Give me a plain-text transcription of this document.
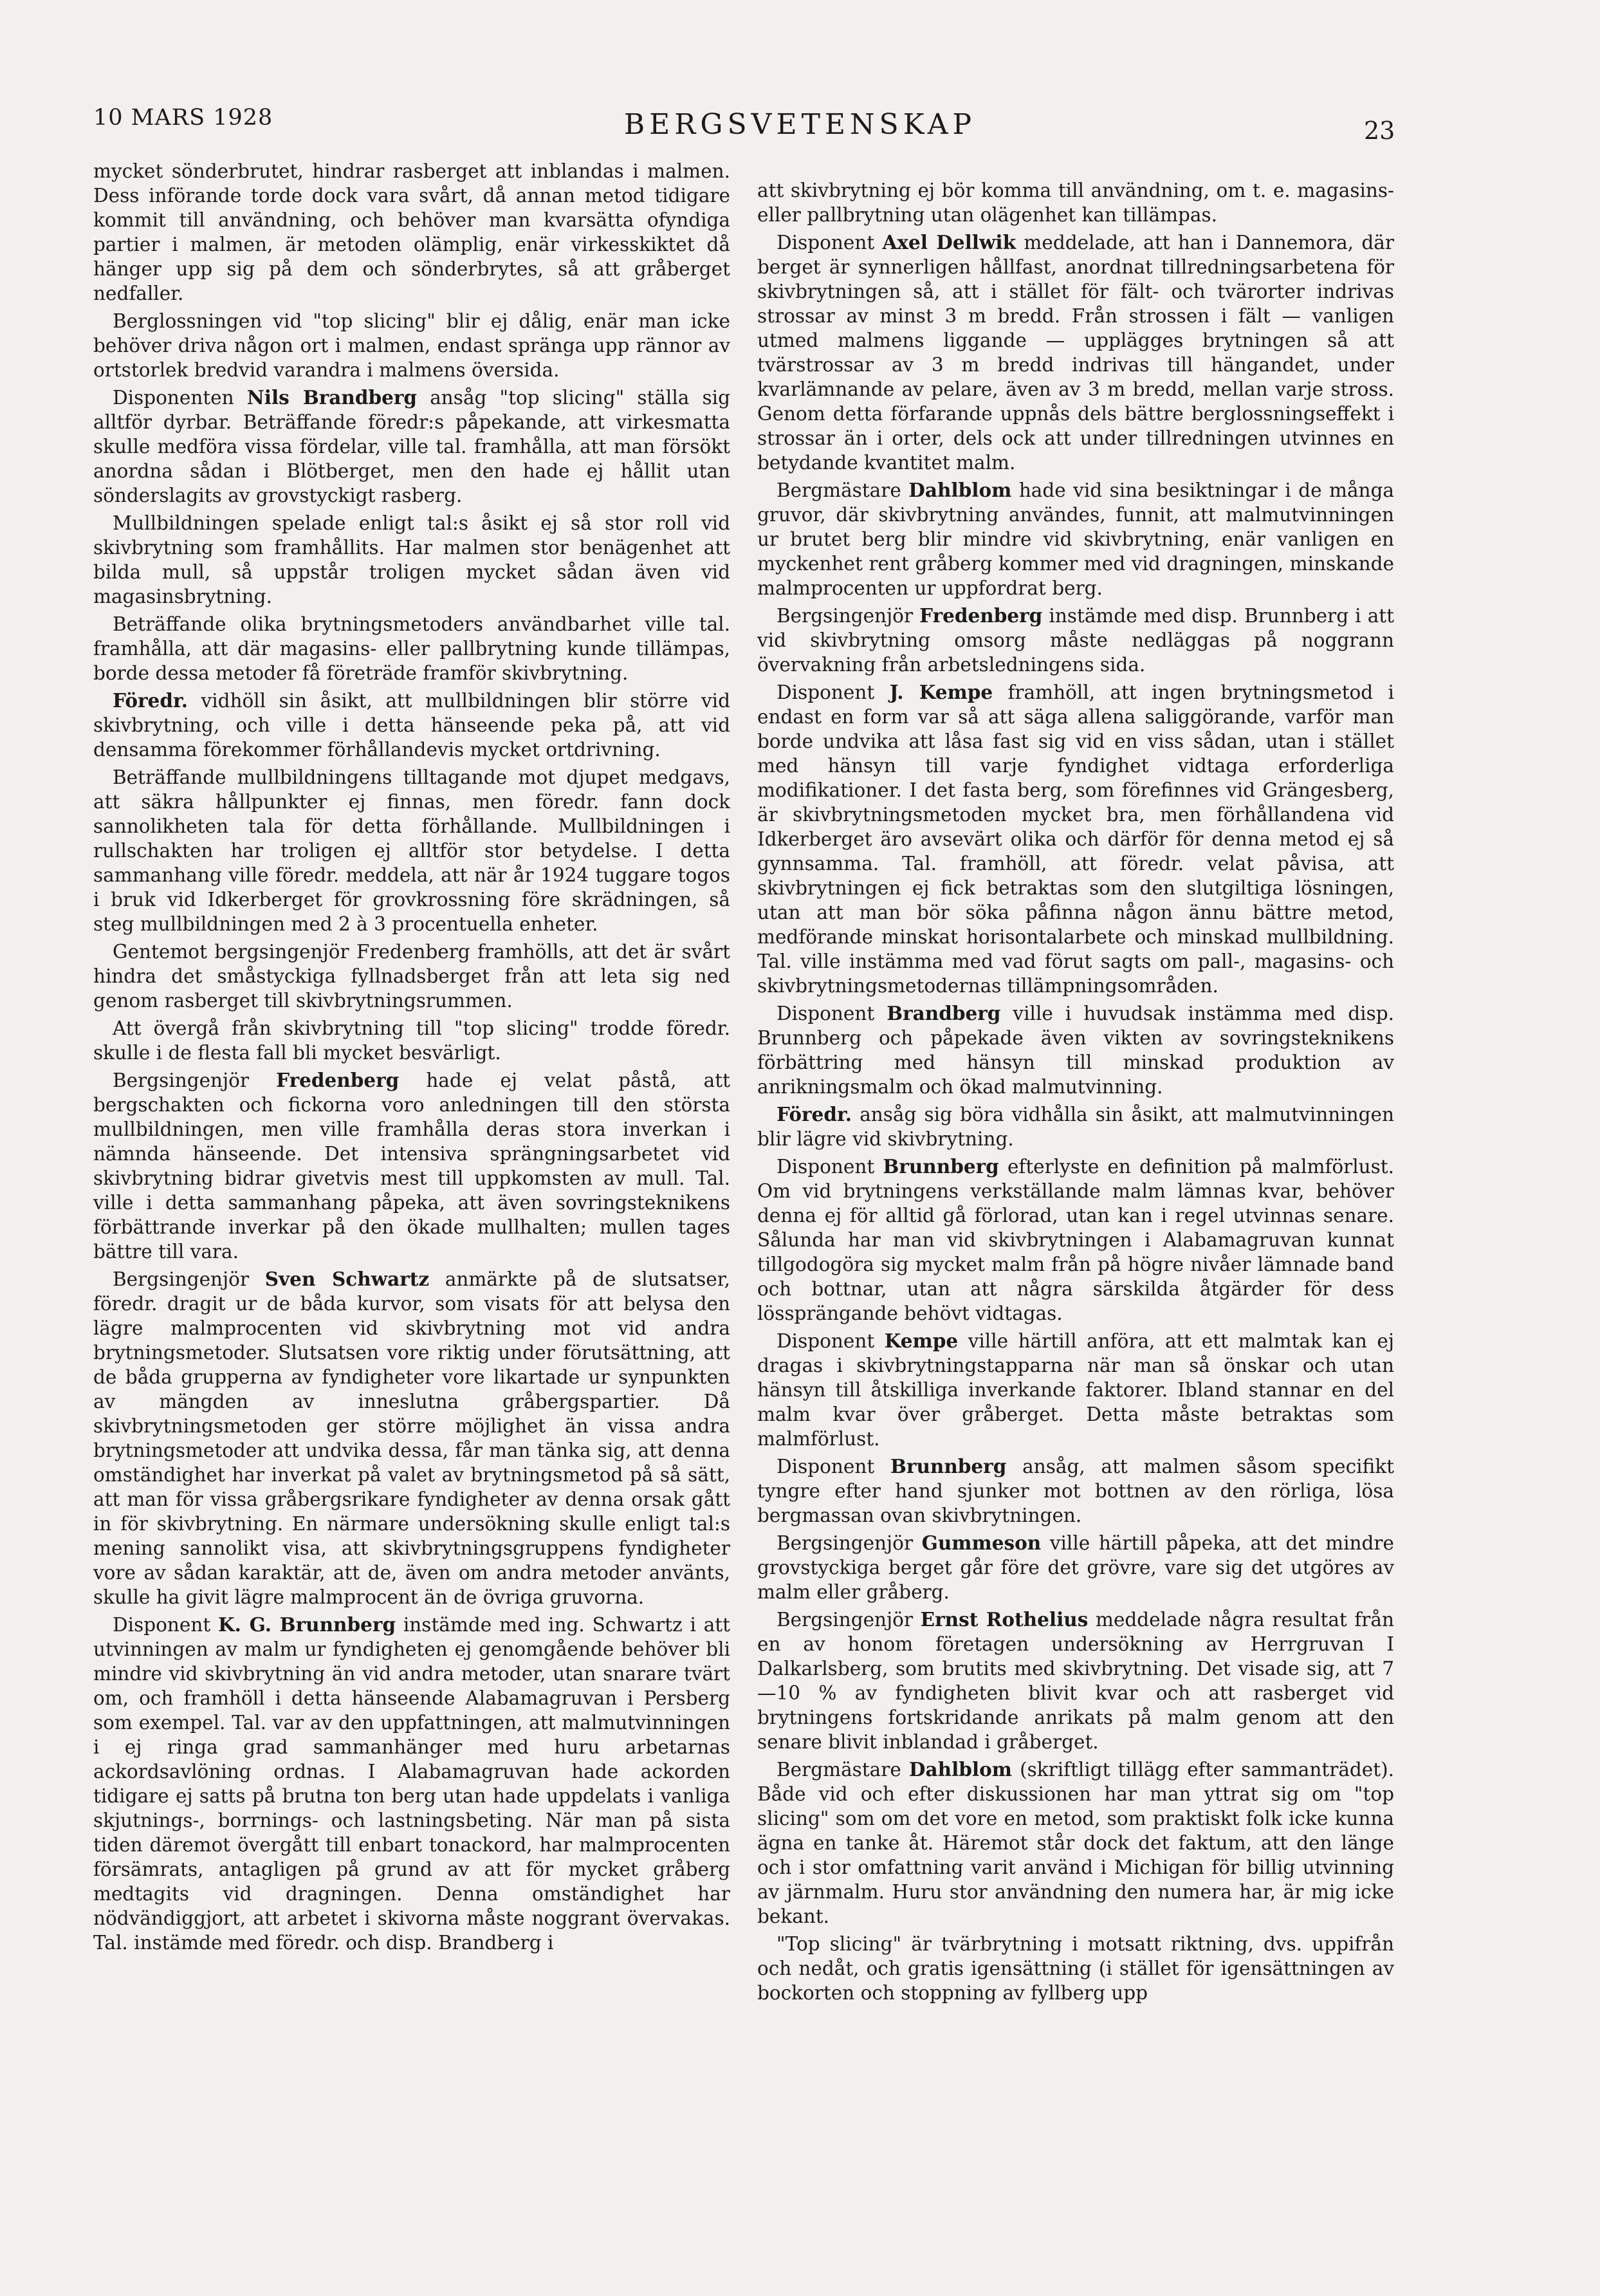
10 MARS 1928	BERGSVETENSKAP	23

mycket sönderbrutet, hindrar rasberget att inblandas i malmen. Dess införande torde dock vara svårt, då annan metod tidigare kommit till användning, och behöver man kvarsätta ofyndiga partier i malmen, är metoden olämplig, enär virkesskiktet då hänger upp sig på dem och sönderbrytes, så att gråberget nedfaller.

Berglossningen vid "top slicing" blir ej dålig, enär man icke behöver driva någon ort i malmen, endast spränga upp rännor av ortstorlek bredvid varandra i malmens översida.

Disponenten Nils Brandberg ansåg "top slicing" ställa sig alltför dyrbar. Beträffande föredr:s påpekande, att virkesmatta skulle medföra vissa fördelar, ville tal. framhålla, att man försökt anordna sådan i Blötberget, men den hade ej hållit utan sönderslagits av grovstyckigt rasberg.

Mullbildningen spelade enligt tal:s åsikt ej så stor roll vid skivbrytning som framhållits. Har malmen stor benägenhet att bilda mull, så uppstår troligen mycket sådan även vid magasinsbrytning.

Beträffande olika brytningsmetoders användbarhet ville tal. framhålla, att där magasins- eller pallbrytning kunde tillämpas, borde dessa metoder få företräde framför skivbrytning.

Föredr. vidhöll sin åsikt, att mullbildningen blir större vid skivbrytning, och ville i detta hänseende peka på, att vid densamma förekommer förhållandevis mycket ortdrivning.

Beträffande mullbildningens tilltagande mot djupet medgavs, att säkra hållpunkter ej finnas, men föredr. fann dock sannolikheten tala för detta förhållande. Mullbildningen i rullschakten har troligen ej alltför stor betydelse. I detta sammanhang ville föredr. meddela, att när år 1924 tuggare togos i bruk vid Idkerberget för grovkrossning före skrädningen, så steg mullbildningen med 2 à 3 procentuella enheter.

Gentemot bergsingenjör Fredenberg framhölls, att det är svårt hindra det småstyckiga fyllnadsberget från att leta sig ned genom rasberget till skivbrytningsrummen.

Att övergå från skivbrytning till "top slicing" trodde föredr. skulle i de flesta fall bli mycket besvärligt.

Bergsingenjör Fredenberg hade ej velat påstå, att bergschakten och fickorna voro anledningen till den största mullbildningen, men ville framhålla deras stora inverkan i nämnda hänseende. Det intensiva sprängningsarbetet vid skivbrytning bidrar givetvis mest till uppkomsten av mull. Tal. ville i detta sammanhang påpeka, att även sovringsteknikens förbättrande inverkar på den ökade mullhalten; mullen tages bättre till vara.

Bergsingenjör Sven Schwartz anmärkte på de slutsatser, föredr. dragit ur de båda kurvor, som visats för att belysa den lägre malmprocenten vid skivbrytning mot vid andra brytningsmetoder. Slutsatsen vore riktig under förutsättning, att de båda grupperna av fyndigheter vore likartade ur synpunkten av mängden av inneslutna gråbergspartier. Då skivbrytningsmetoden ger större möjlighet än vissa andra brytningsmetoder att undvika dessa, får man tänka sig, att denna omständighet har inverkat på valet av brytningsmetod på så sätt, att man för vissa gråbergsrikare fyndigheter av denna orsak gått in för skivbrytning. En närmare undersökning skulle enligt tal:s mening sannolikt visa, att skivbrytningsgruppens fyndigheter vore av sådan karaktär, att de, även om andra metoder använts, skulle ha givit lägre malmprocent än de övriga gruvorna.

Disponent K. G. Brunnberg instämde med ing. Schwartz i att utvinningen av malm ur fyndigheten ej genomgående behöver bli mindre vid skivbrytning än vid andra metoder, utan snarare tvärt om, och framhöll i detta hänseende Alabamagruvan i Persberg som exempel. Tal. var av den uppfattningen, att malmutvinningen i ej ringa grad sammanhänger med huru arbetarnas ackordsavlöning ordnas. I Alabamagruvan hade ackorden tidigare ej satts på brutna ton berg utan hade uppdelats i vanliga skjutnings-, borrnings- och lastningsbeting. När man på sista tiden däremot övergått till enbart tonackord, har malmprocenten försämrats, antagligen på grund av att för mycket gråberg medtagits vid dragningen. Denna omständighet har nödvändiggjort, att arbetet i skivorna måste noggrant övervakas. Tal. instämde med föredr. och disp. Brandberg i

att skivbrytning ej bör komma till användning, om t. e. magasins- eller pallbrytning utan olägenhet kan tillämpas.

Disponent Axel Dellwik meddelade, att han i Dannemora, där berget är synnerligen hållfast, anordnat tillredningsarbetena för skivbrytningen så, att i stället för fält- och tvärorter indrivas strossar av minst 3 m bredd. Från strossen i fält — vanligen utmed malmens liggande — upplägges brytningen så att tvärstrossar av 3 m bredd indrivas till hängandet, under kvarlämnande av pelare, även av 3 m bredd, mellan varje stross. Genom detta förfarande uppnås dels bättre berglossningseffekt i strossar än i orter, dels ock att under tillredningen utvinnes en betydande kvantitet malm.

Bergmästare Dahlblom hade vid sina besiktningar i de många gruvor, där skivbrytning användes, funnit, att malmutvinningen ur brutet berg blir mindre vid skivbrytning, enär vanligen en myckenhet rent gråberg kommer med vid dragningen, minskande malmprocenten ur uppfordrat berg.

Bergsingenjör Fredenberg instämde med disp. Brunnberg i att vid skivbrytning omsorg måste nedläggas på noggrann övervakning från arbetsledningens sida.

Disponent J. Kempe framhöll, att ingen brytningsmetod i endast en form var så att säga allena saliggörande, varför man borde undvika att låsa fast sig vid en viss sådan, utan i stället med hänsyn till varje fyndighet vidtaga erforderliga modifikationer. I det fasta berg, som förefinnes vid Grängesberg, är skivbrytningsmetoden mycket bra, men förhållandena vid Idkerberget äro avsevärt olika och därför för denna metod ej så gynnsamma. Tal. framhöll, att föredr. velat påvisa, att skivbrytningen ej fick betraktas som den slutgiltiga lösningen, utan att man bör söka påfinna någon ännu bättre metod, medförande minskat horisontalarbete och minskad mullbildning. Tal. ville instämma med vad förut sagts om pall-, magasins- och skivbrytningsmetodernas tillämpningsområden.

Disponent Brandberg ville i huvudsak instämma med disp. Brunnberg och påpekade även vikten av sovringsteknikens förbättring med hänsyn till minskad produktion av anrikningsmalm och ökad malmutvinning.

Föredr. ansåg sig böra vidhålla sin åsikt, att malmutvinningen blir lägre vid skivbrytning.

Disponent Brunnberg efterlyste en definition på malmförlust. Om vid brytningens verkställande malm lämnas kvar, behöver denna ej för alltid gå förlorad, utan kan i regel utvinnas senare. Sålunda har man vid skivbrytningen i Alabamagruvan kunnat tillgodogöra sig mycket malm från på högre nivåer lämnade band och bottnar, utan att några särskilda åtgärder för dess lössprängande behövt vidtagas.

Disponent Kempe ville härtill anföra, att ett malmtak kan ej dragas i skivbrytningstapparna när man så önskar och utan hänsyn till åtskilliga inverkande faktorer. Ibland stannar en del malm kvar över gråberget. Detta måste betraktas som malmförlust.

Disponent Brunnberg ansåg, att malmen såsom specifikt tyngre efter hand sjunker mot bottnen av den rörliga, lösa bergmassan ovan skivbrytningen.

Bergsingenjör Gummeson ville härtill påpeka, att det mindre grovstyckiga berget går före det grövre, vare sig det utgöres av malm eller gråberg.

Bergsingenjör Ernst Rothelius meddelade några resultat från en av honom företagen undersökning av Herrgruvan I Dalkarlsberg, som brutits med skivbrytning. Det visade sig, att 7—10 % av fyndigheten blivit kvar och att rasberget vid brytningens fortskridande anrikats på malm genom att den senare blivit inblandad i gråberget.

Bergmästare Dahlblom (skriftligt tillägg efter sammanträdet). Både vid och efter diskussionen har man yttrat sig om "top slicing" som om det vore en metod, som praktiskt folk icke kunna ägna en tanke åt. Häremot står dock det faktum, att den länge och i stor omfattning varit använd i Michigan för billig utvinning av järnmalm. Huru stor användning den numera har, är mig icke bekant.

"Top slicing" är tvärbrytning i motsatt riktning, dvs. uppifrån och nedåt, och gratis igensättning (i stället för igensättningen av bockorten och stoppning av fyllberg upp
